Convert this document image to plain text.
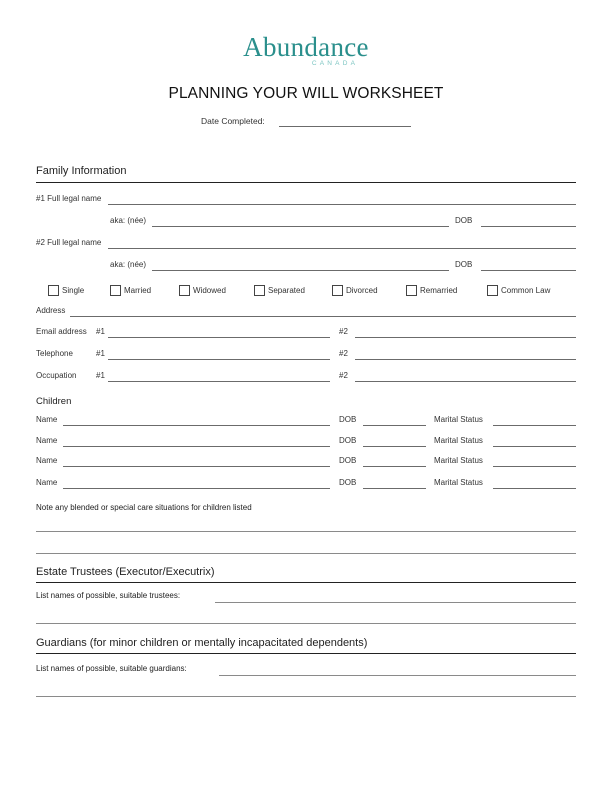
Abundance
CANADA
PLANNING YOUR WILL WORKSHEET
Date Completed:
Family Information
#1 Full legal name
aka: (née)	DOB
#2 Full legal name
aka: (née)	DOB
Single	Married	Widowed	Separated	Divorced	Remarried	Common Law
Address
Email address #1	#2
Telephone	#1	#2
Occupation #1	#2
Children
Name	DOB	Marital Status
Name	DOB	Marital Status
Name	DOB	Marital Status
Name	DOB	Marital Status
Note any blended or special care situations for children listed
Estate Trustees (Executor/Executrix)
List names of possible, suitable trustees:
Guardians (for minor children or mentally incapacitated dependents)
List names of possible, suitable guardians:
